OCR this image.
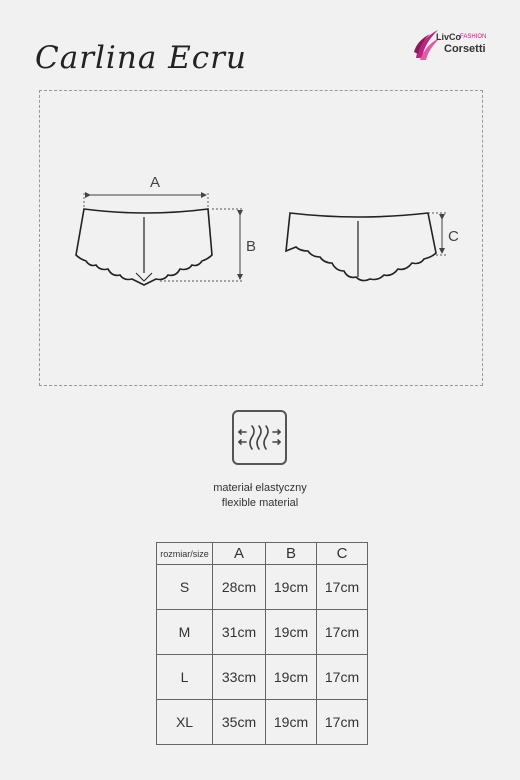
Carlina Ecru
LivCo
FASHION
Corsetti
A
B
C
materiał elastyczny
flexible material
rozmiar/size	A	B	C
S	28cm	19cm	17cm
M	31cm	19cm	17cm
L	33cm	19cm	17cm
XL	35cm	19cm	17cm
